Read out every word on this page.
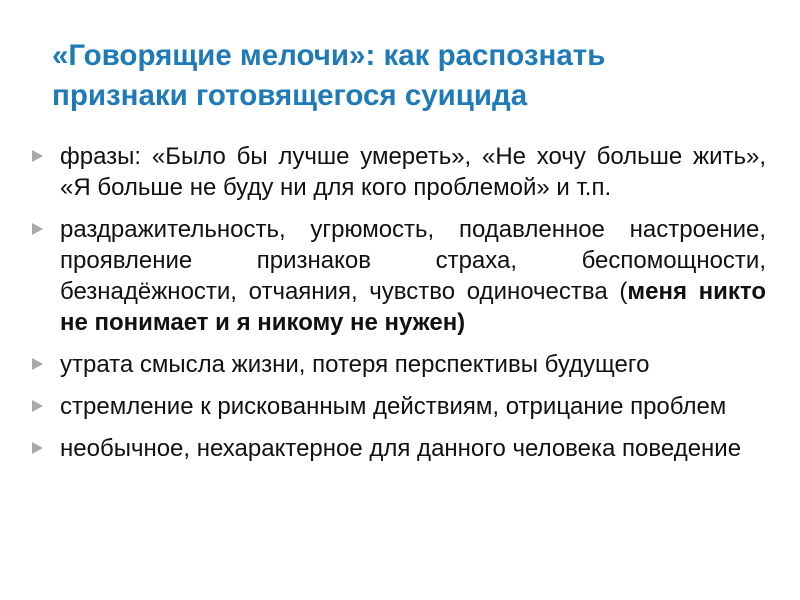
«Говорящие мелочи»: как распознать
признаки готовящегося суицида
фразы: «Было бы лучше умереть», «Не хочу больше жить», «Я больше не буду ни для кого проблемой» и т.п.
раздражительность, угрюмость, подавленное настроение, проявление признаков страха, беспомощности, безнадёжности, отчаяния, чувство одиночества (меня никто не понимает и я никому не нужен)
утрата смысла жизни, потеря перспективы будущего
стремление к рискованным действиям, отрицание проблем
необычное, нехарактерное для данного человека поведение
